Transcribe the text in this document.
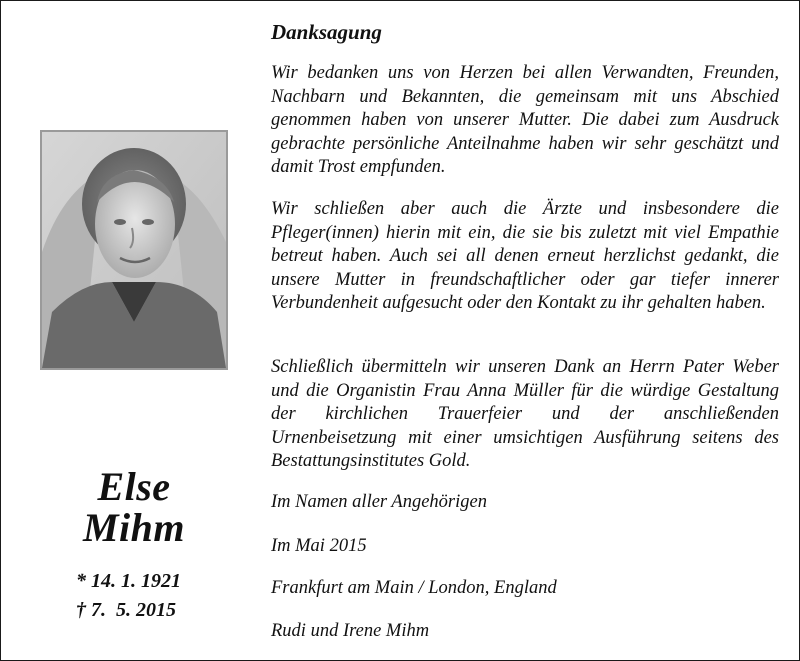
Else
Mihm
* 14. 1. 1921
† 7.  5. 2015
Danksagung

Wir bedanken uns von Herzen bei allen Verwandten, Freunden, Nachbarn und Bekannten, die gemeinsam mit uns Abschied genommen haben von unserer Mutter. Die dabei zum Ausdruck gebrachte persönliche Anteilnahme haben wir sehr geschätzt und damit Trost empfunden.

Wir schließen aber auch die Ärzte und insbesondere die Pfleger(innen) hierin mit ein, die sie bis zuletzt mit viel Empathie betreut haben. Auch sei all denen erneut herzlichst gedankt, die unsere Mutter in freundschaftlicher oder gar tiefer innerer Verbundenheit aufgesucht oder den Kontakt zu ihr gehalten haben.

Schließlich übermitteln wir unseren Dank an Herrn Pater Weber und die Organistin Frau Anna Müller für die würdige Gestaltung der kirchlichen Trauerfeier und der anschließenden Urnenbeisetzung mit einer umsichtigen Ausführung seitens des Bestattungsinstitutes Gold.

Im Namen aller Angehörigen
Im Mai 2015
Frankfurt am Main / London, England
Rudi und Irene Mihm
